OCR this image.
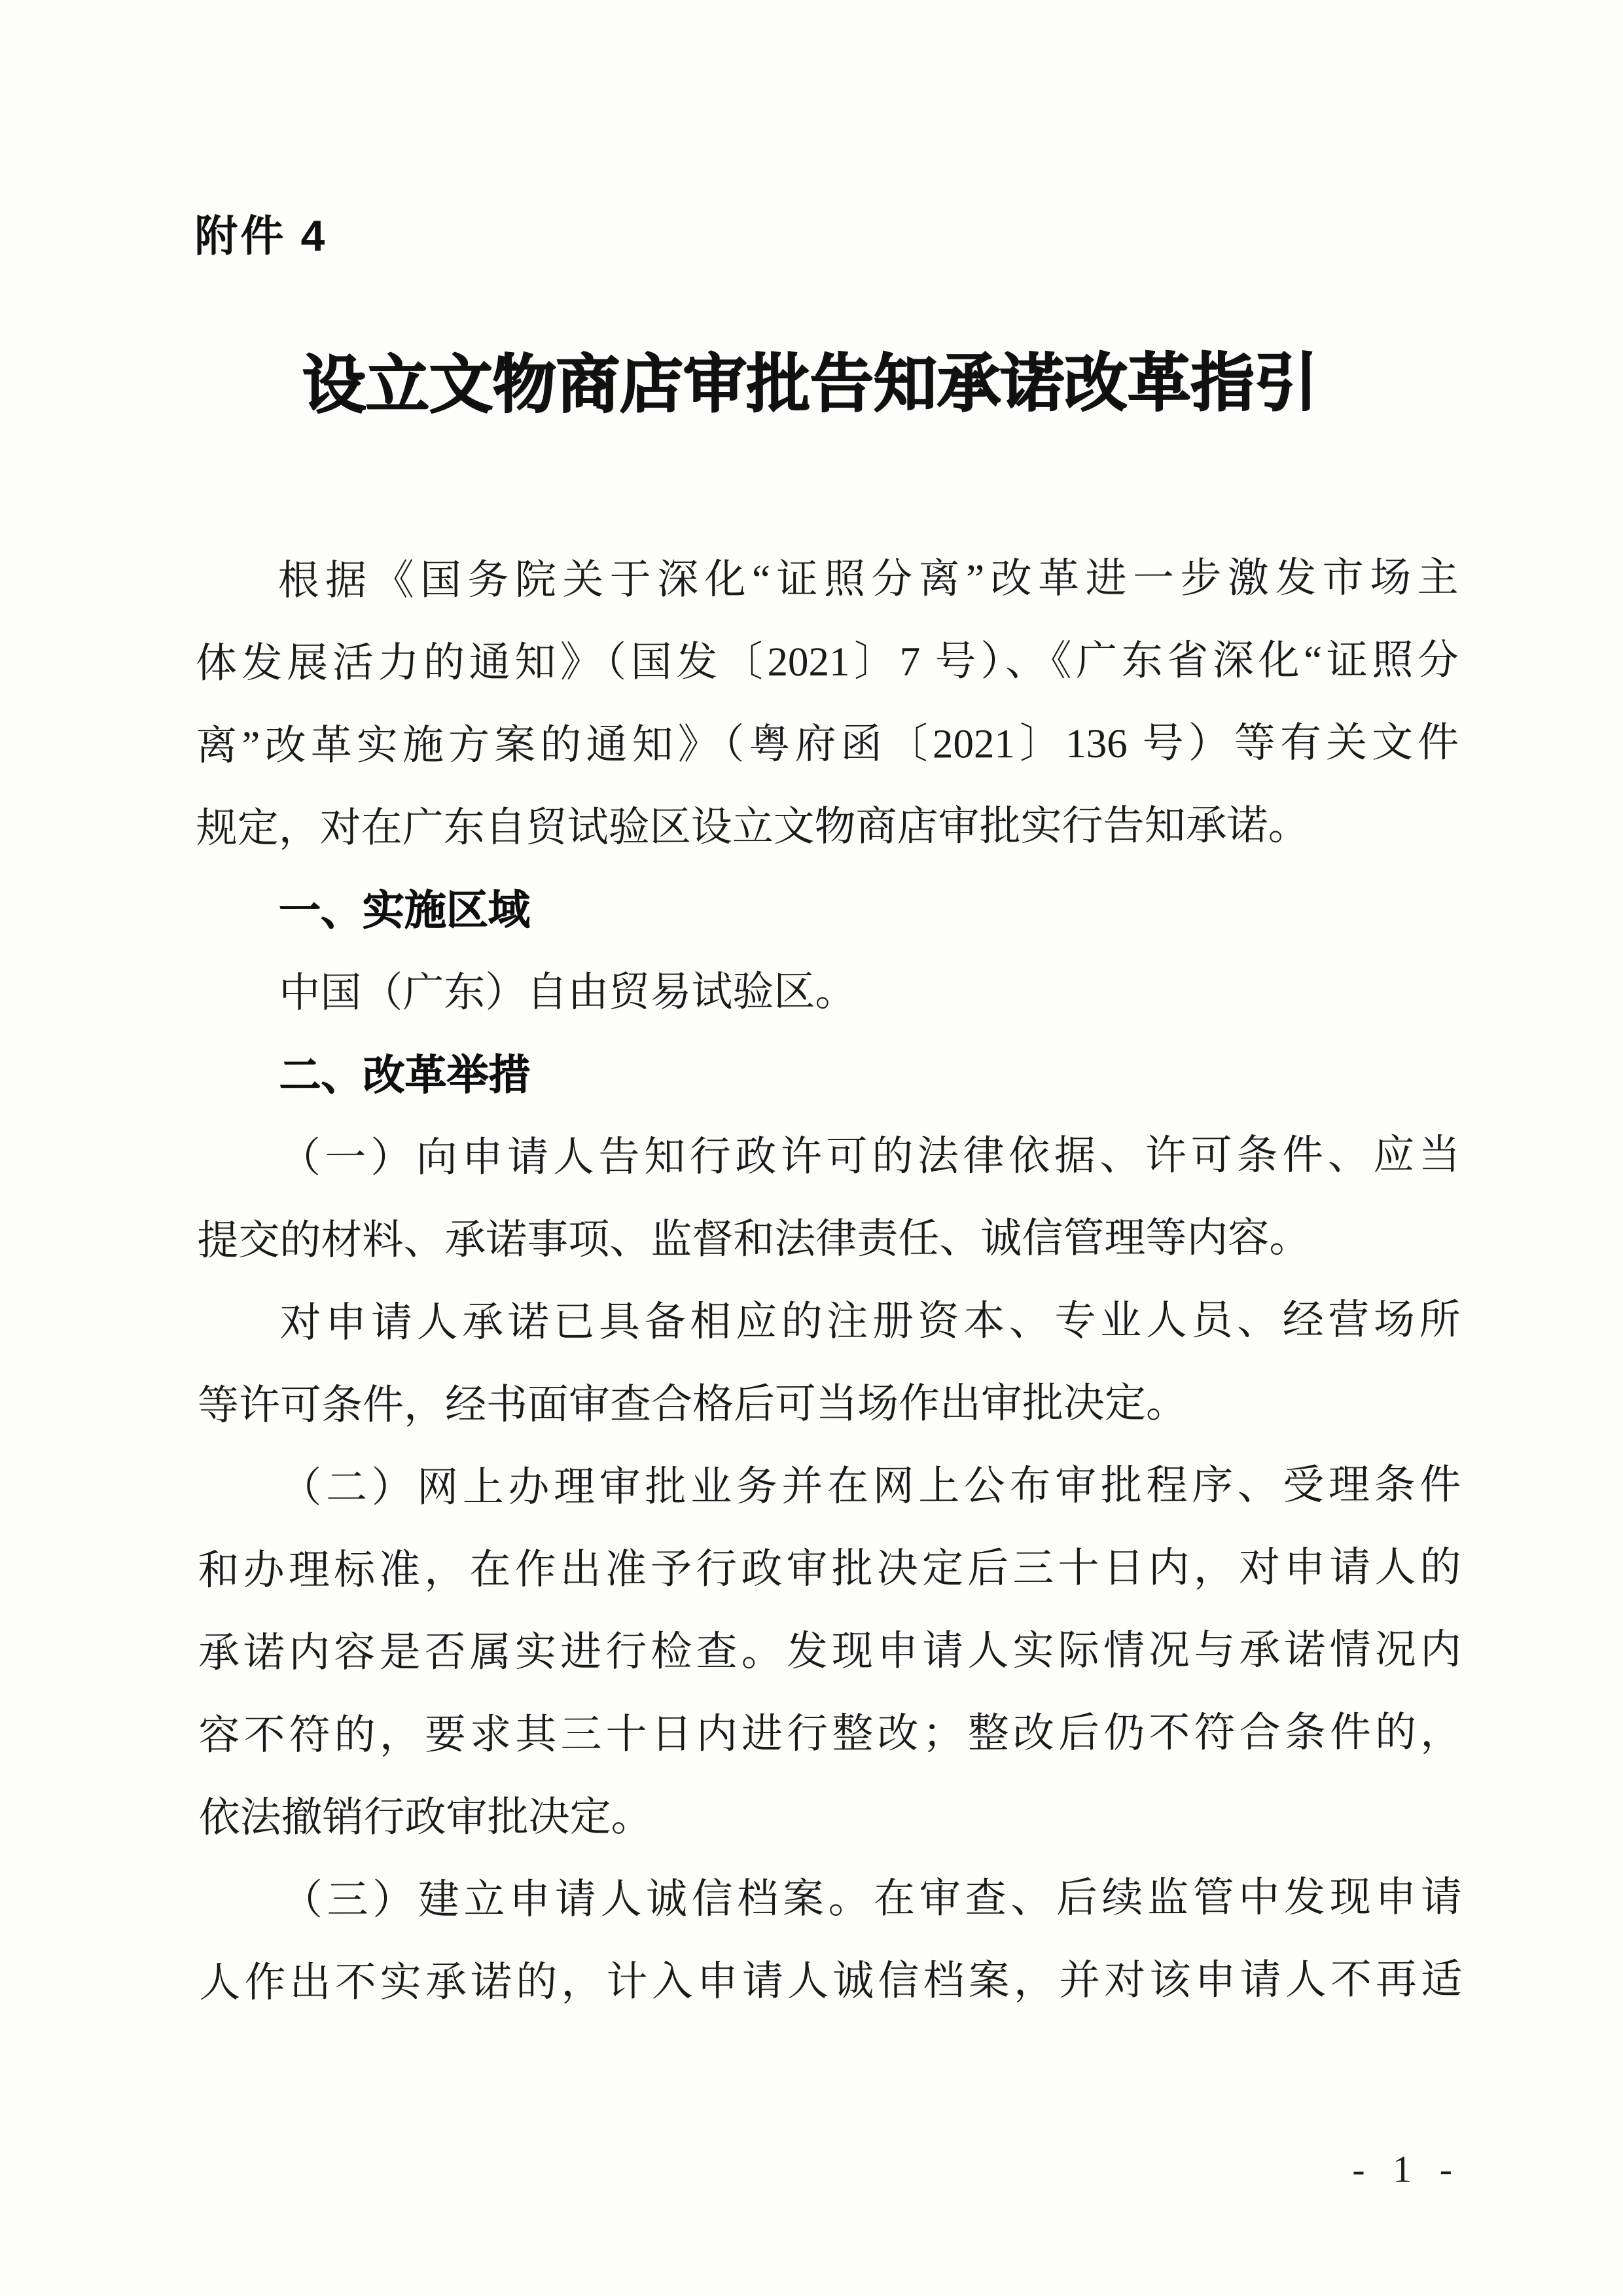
附件 4
设立文物商店审批告知承诺改革指引
根据《国务院关于深化“证照分离”改革进一步激发市场主
体发展活力的通知》（国发〔2021〕7 号）、《广东省深化“证照分
离”改革实施方案的通知》（粤府函〔2021〕136 号）等有关文件
规定，对在广东自贸试验区设立文物商店审批实行告知承诺。
一、实施区域
中国（广东）自由贸易试验区。
二、改革举措
（一）向申请人告知行政许可的法律依据、许可条件、应当
提交的材料、承诺事项、监督和法律责任、诚信管理等内容。
对申请人承诺已具备相应的注册资本、专业人员、经营场所
等许可条件，经书面审查合格后可当场作出审批决定。
（二）网上办理审批业务并在网上公布审批程序、受理条件
和办理标准，在作出准予行政审批决定后三十日内，对申请人的
承诺内容是否属实进行检查。发现申请人实际情况与承诺情况内
容不符的，要求其三十日内进行整改；整改后仍不符合条件的，
依法撤销行政审批决定。
（三）建立申请人诚信档案。在审查、后续监管中发现申请
人作出不实承诺的，计入申请人诚信档案，并对该申请人不再适
- 1 -
